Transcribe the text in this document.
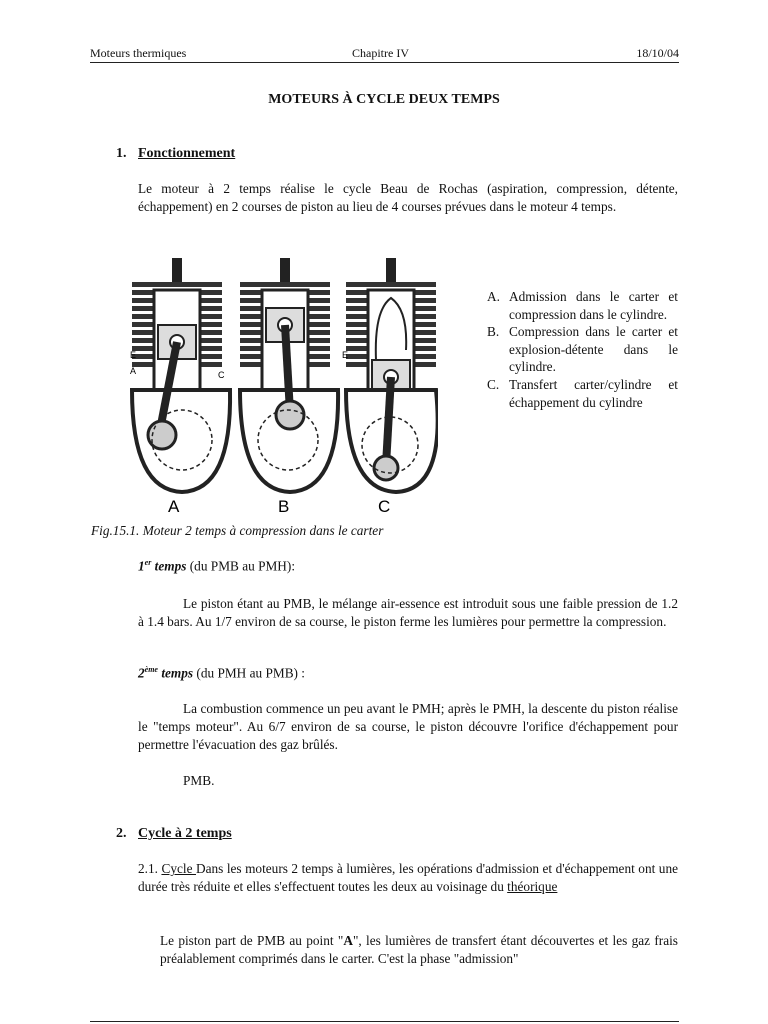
Moteurs thermiques	Chapitre IV	18/10/04
MOTEURS À CYCLE DEUX TEMPS
1. Fonctionnement
Le moteur à 2 temps réalise le cycle Beau de Rochas (aspiration, compression, détente, échappement) en 2 courses de piston au lieu de 4 courses prévues dans le moteur 4 temps.
E
A	C
A	B
E
C
A. Admission dans le carter et compression dans le cylindre.
B. Compression dans le carter et explosion-détente dans le cylindre.
C. Transfert carter/cylindre et échappement du cylindre
Fig.15.1. Moteur 2 temps à compression dans le carter
1er temps (du PMB au PMH):
Le piston étant au PMB, le mélange air-essence est introduit sous une faible pression de 1.2 à 1.4 bars. Au 1/7 environ de sa course, le piston ferme les lumières pour permettre la compression.
2ème temps (du PMH au PMB) :
La combustion commence un peu avant le PMH; après le PMH, la descente du piston réalise le "temps moteur". Au 6/7 environ de sa course, le piston découvre l'orifice d'échappement pour permettre l'évacuation des gaz brûlés.
PMB.
2. Cycle à 2 temps
2.1. Cycle Dans les moteurs 2 temps à lumières, les opérations d'admission et d'échappement ont une durée très réduite et elles s'effectuent toutes les deux au voisinage du théorique
Le piston part de PMB au point "A", les lumières de transfert étant découvertes et les gaz frais préalablement comprimés dans le carter. C'est la phase "admission"
